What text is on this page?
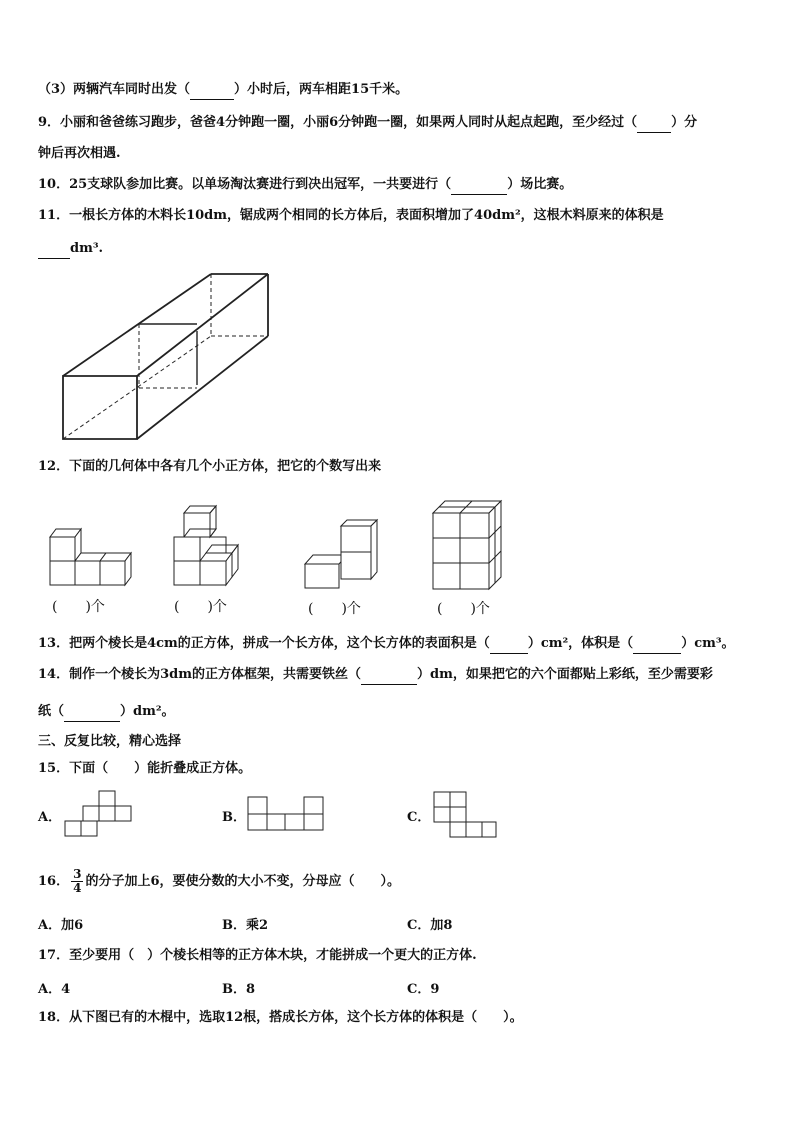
（3）两辆汽车同时出发（	）小时后，两车相距15千米。
9．小丽和爸爸练习跑步，爸爸4分钟跑一圈，小丽6分钟跑一圈，如果两人同时从起点起跑，至少经过（	）分
钟后再次相遇.
10．25支球队参加比赛。以单场淘汰赛进行到决出冠军，一共要进行（	）场比赛。
11．一根长方体的木料长10dm，锯成两个相同的长方体后，表面积增加了40dm²，这根木料原来的体积是
dm³.
12．下面的几何体中各有几个小正方体，把它的个数写出来
(　　)个	(　　)个	(　　)个	(　　)个
13．把两个棱长是4cm的正方体，拼成一个长方体，这个长方体的表面积是（	）cm²，体积是（	）cm³。
14．制作一个棱长为3dm的正方体框架，共需要铁丝（	）dm，如果把它的六个面都贴上彩纸，至少需要彩
纸（	）dm²。
三、反复比较，精心选择
15．下面（　　）能折叠成正方体。
A．	B．	C．
16． $\frac{3}{4}$ 的分子加上6，要使分数的大小不变，分母应（　　）。
A．加6	B．乘2	C．加8
17．至少要用（　）个棱长相等的正方体木块，才能拼成一个更大的正方体.
A．4	B．8	C．9
18．从下图已有的木棍中，选取12根，搭成长方体，这个长方体的体积是（　　）。
